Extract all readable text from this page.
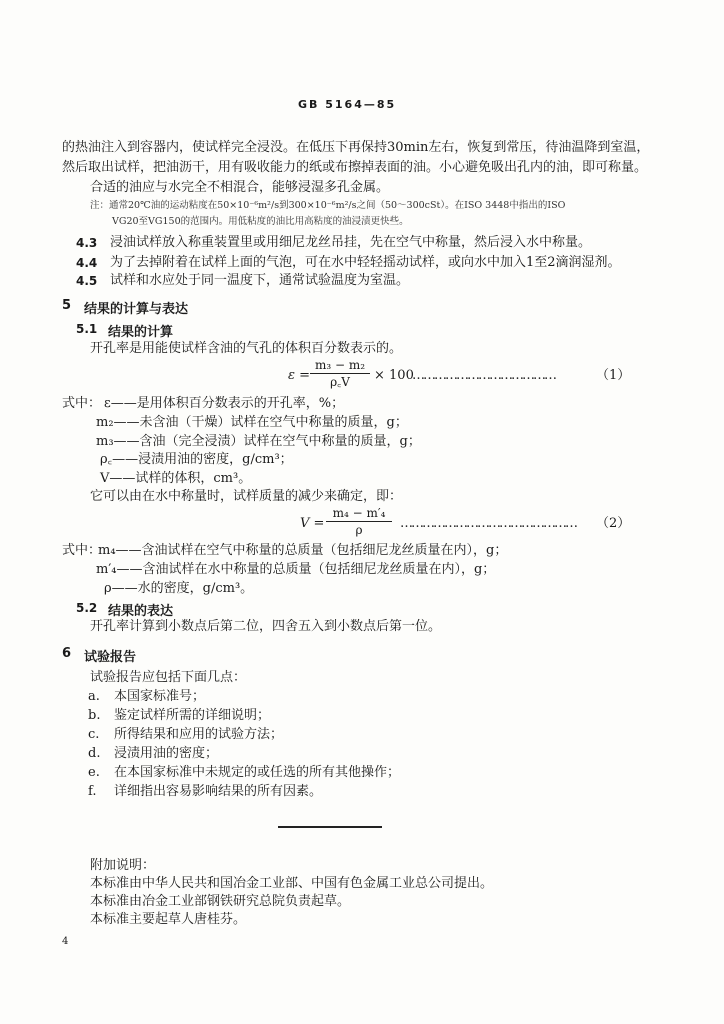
GB 5164—85
的热油注入到容器内，使试样完全浸没。在低压下再保持30min左右，恢复到常压，待油温降到室温，
然后取出试样，把油沥干，用有吸收能力的纸或布擦掉表面的油。小心避免吸出孔内的油，即可称量。
合适的油应与水完全不相混合，能够浸湿多孔金属。
注：通常20℃油的运动粘度在50×10⁻⁶m²/s到300×10⁻⁶m²/s之间（50～300cSt）。在ISO 3448中指出的ISO
VG20至VG150的范围内。用低粘度的油比用高粘度的油浸渍更快些。
4.3 浸油试样放入称重装置里或用细尼龙丝吊挂，先在空气中称量，然后浸入水中称量。
4.4 为了去掉附着在试样上面的气泡，可在水中轻轻摇动试样，或向水中加入1至2滴润湿剂。
4.5 试样和水应处于同一温度下，通常试验温度为室温。
5 结果的计算与表达
5.1 结果的计算
开孔率是用能使试样含油的气孔的体积百分数表示的。
ε =
m₃ − m₂
ρ꜀V	× 100
…………………………………	（1）
式中： ε——是用体积百分数表示的开孔率，%；
m₂——未含油（干燥）试样在空气中称量的质量，g；
m₃——含油（完全浸渍）试样在空气中称量的质量，g；
ρ꜀——浸渍用油的密度，g/cm³；
V——试样的体积，cm³。
它可以由在水中称量时，试样质量的减少来确定，即：
V =
m₄ − m′₄
ρ	………………………………………… （2）
式中：
m₄——含油试样在空气中称量的总质量（包括细尼龙丝质量在内），g；
m′₄——含油试样在水中称量的总质量（包括细尼龙丝质量在内），g；
ρ——水的密度，g/cm³。
5.2 结果的表达
开孔率计算到小数点后第二位，四舍五入到小数点后第一位。
6 试验报告
试验报告应包括下面几点：
a. 本国家标准号；
b. 鉴定试样所需的详细说明；
c. 所得结果和应用的试验方法；
d. 浸渍用油的密度；
e. 在本国家标准中未规定的或任选的所有其他操作；
f. 详细指出容易影响结果的所有因素。
附加说明：
本标准由中华人民共和国冶金工业部、中国有色金属工业总公司提出。
本标准由冶金工业部钢铁研究总院负责起草。
本标准主要起草人唐桂芬。
4
